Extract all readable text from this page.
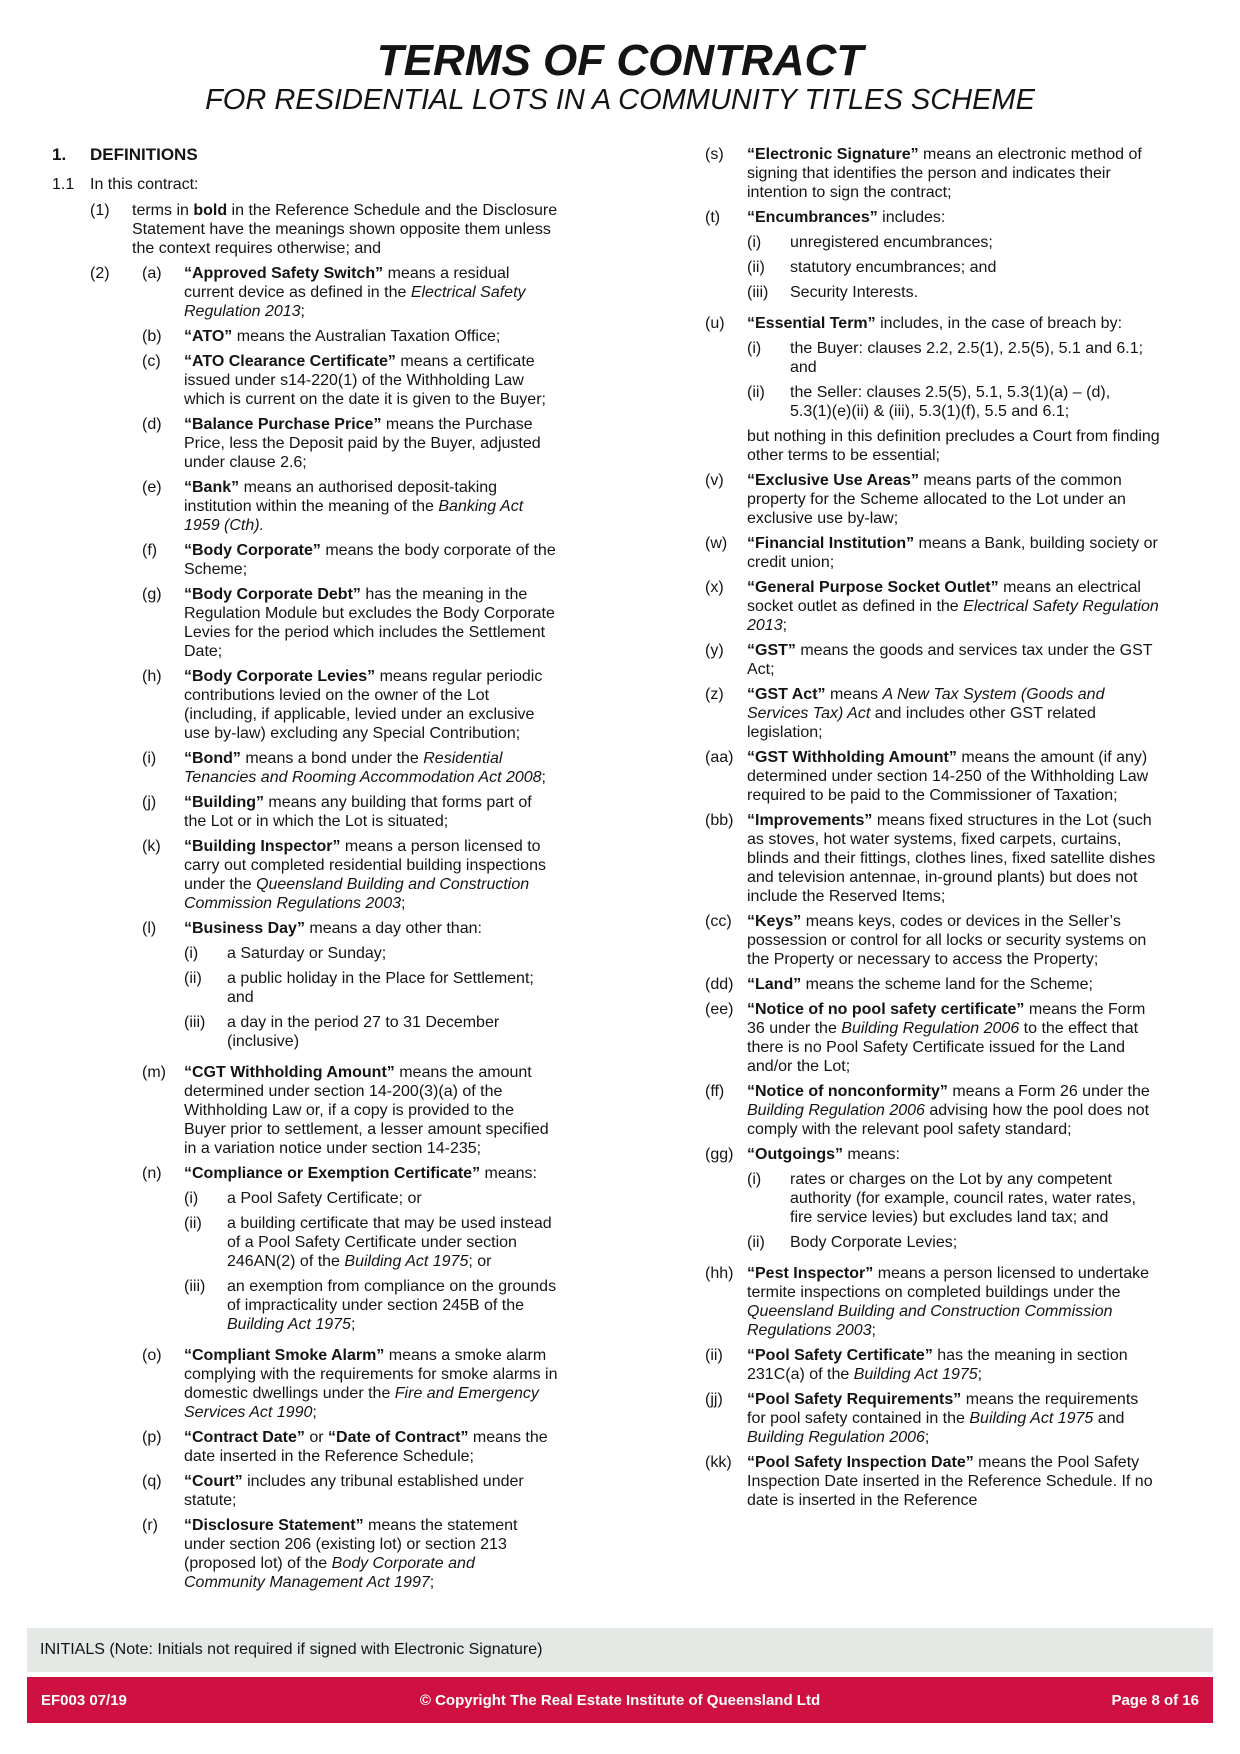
TERMS OF CONTRACT
FOR RESIDENTIAL LOTS IN A COMMUNITY TITLES SCHEME
1.	DEFINITIONS
1.1 In this contract:
(1)	terms in bold in the Reference Schedule and the Disclosure Statement have the meanings shown opposite them unless the context requires otherwise; and
(2) (a)	“Approved Safety Switch” means a residual current device as defined in the Electrical Safety Regulation 2013;
(b)	“ATO” means the Australian Taxation Office;
(c)	“ATO Clearance Certificate” means a certificate issued under s14-220(1) of the Withholding Law which is current on the date it is given to the Buyer;
(d)	“Balance Purchase Price” means the Purchase Price, less the Deposit paid by the Buyer, adjusted under clause 2.6;
(e)	“Bank” means an authorised deposit-taking institution within the meaning of the Banking Act 1959 (Cth).
(f)	“Body Corporate” means the body corporate of the Scheme;
(g)	“Body Corporate Debt” has the meaning in the Regulation Module but excludes the Body Corporate Levies for the period which includes the Settlement Date;
(h)	“Body Corporate Levies” means regular periodic contributions levied on the owner of the Lot (including, if applicable, levied under an exclusive use by-law) excluding any Special Contribution;
(i)	“Bond” means a bond under the Residential Tenancies and Rooming Accommodation Act 2008;
(j)	“Building” means any building that forms part of the Lot or in which the Lot is situated;
(k)	“Building Inspector” means a person licensed to carry out completed residential building inspections under the Queensland Building and Construction Commission Regulations 2003;
(l)	“Business Day” means a day other than:
(i)	a Saturday or Sunday;
(ii)	a public holiday in the Place for Settlement; and
(iii)	a day in the period 27 to 31 December (inclusive)
(m)	“CGT Withholding Amount” means the amount determined under section 14-200(3)(a) of the Withholding Law or, if a copy is provided to the Buyer prior to settlement, a lesser amount specified in a variation notice under section 14-235;
(n)	“Compliance or Exemption Certificate” means:
(i)	a Pool Safety Certificate; or
(ii)	a building certificate that may be used instead of a Pool Safety Certificate under section 246AN(2) of the Building Act 1975; or
(iii)	an exemption from compliance on the grounds of impracticality under section 245B of the Building Act 1975;
(o)	“Compliant Smoke Alarm” means a smoke alarm complying with the requirements for smoke alarms in domestic dwellings under the Fire and Emergency Services Act 1990;
(p)	“Contract Date” or “Date of Contract” means the date inserted in the Reference Schedule;
(q)	“Court” includes any tribunal established under statute;
(r)	“Disclosure Statement” means the statement under section 206 (existing lot) or section 213 (proposed lot) of the Body Corporate and Community Management Act 1997;
(s)	“Electronic Signature” means an electronic method of signing that identifies the person and indicates their intention to sign the contract;
(t)	“Encumbrances” includes:
(i)	unregistered encumbrances;
(ii)	statutory encumbrances; and
(iii)	Security Interests.
(u)	“Essential Term” includes, in the case of breach by:
(i)	the Buyer: clauses 2.2, 2.5(1), 2.5(5), 5.1 and 6.1; and
(ii)	the Seller: clauses 2.5(5), 5.1, 5.3(1)(a) – (d), 5.3(1)(e)(ii) & (iii), 5.3(1)(f), 5.5 and 6.1;
but nothing in this definition precludes a Court from finding other terms to be essential;
(v)	“Exclusive Use Areas” means parts of the common property for the Scheme allocated to the Lot under an exclusive use by-law;
(w)	“Financial Institution” means a Bank, building society or credit union;
(x)	“General Purpose Socket Outlet” means an electrical socket outlet as defined in the Electrical Safety Regulation 2013;
(y)	“GST” means the goods and services tax under the GST Act;
(z)	“GST Act” means A New Tax System (Goods and Services Tax) Act and includes other GST related legislation;
(aa) “GST Withholding Amount” means the amount (if any) determined under section 14-250 of the Withholding Law required to be paid to the Commissioner of Taxation;
(bb) “Improvements” means fixed structures in the Lot (such as stoves, hot water systems, fixed carpets, curtains, blinds and their fittings, clothes lines, fixed satellite dishes and television antennae, in-ground plants) but does not include the Reserved Items;
(cc) “Keys” means keys, codes or devices in the Seller’s possession or control for all locks or security systems on the Property or necessary to access the Property;
(dd) “Land” means the scheme land for the Scheme;
(ee) “Notice of no pool safety certificate” means the Form 36 under the Building Regulation 2006 to the effect that there is no Pool Safety Certificate issued for the Land and/or the Lot;
(ff)	“Notice of nonconformity” means a Form 26 under the Building Regulation 2006 advising how the pool does not comply with the relevant pool safety standard;
(gg) “Outgoings” means:
(i)	rates or charges on the Lot by any competent authority (for example, council rates, water rates, fire service levies) but excludes land tax; and
(ii)	Body Corporate Levies;
(hh) “Pest Inspector” means a person licensed to undertake termite inspections on completed buildings under the Queensland Building and Construction Commission Regulations 2003;
(ii)	“Pool Safety Certificate” has the meaning in section 231C(a) of the Building Act 1975;
(jj)	“Pool Safety Requirements” means the requirements for pool safety contained in the Building Act 1975 and Building Regulation 2006;
(kk) “Pool Safety Inspection Date” means the Pool Safety Inspection Date inserted in the Reference Schedule. If no date is inserted in the Reference
INITIALS (Note: Initials not required if signed with Electronic Signature)
EF003 07/19	© Copyright The Real Estate Institute of Queensland Ltd	Page 8 of 16
